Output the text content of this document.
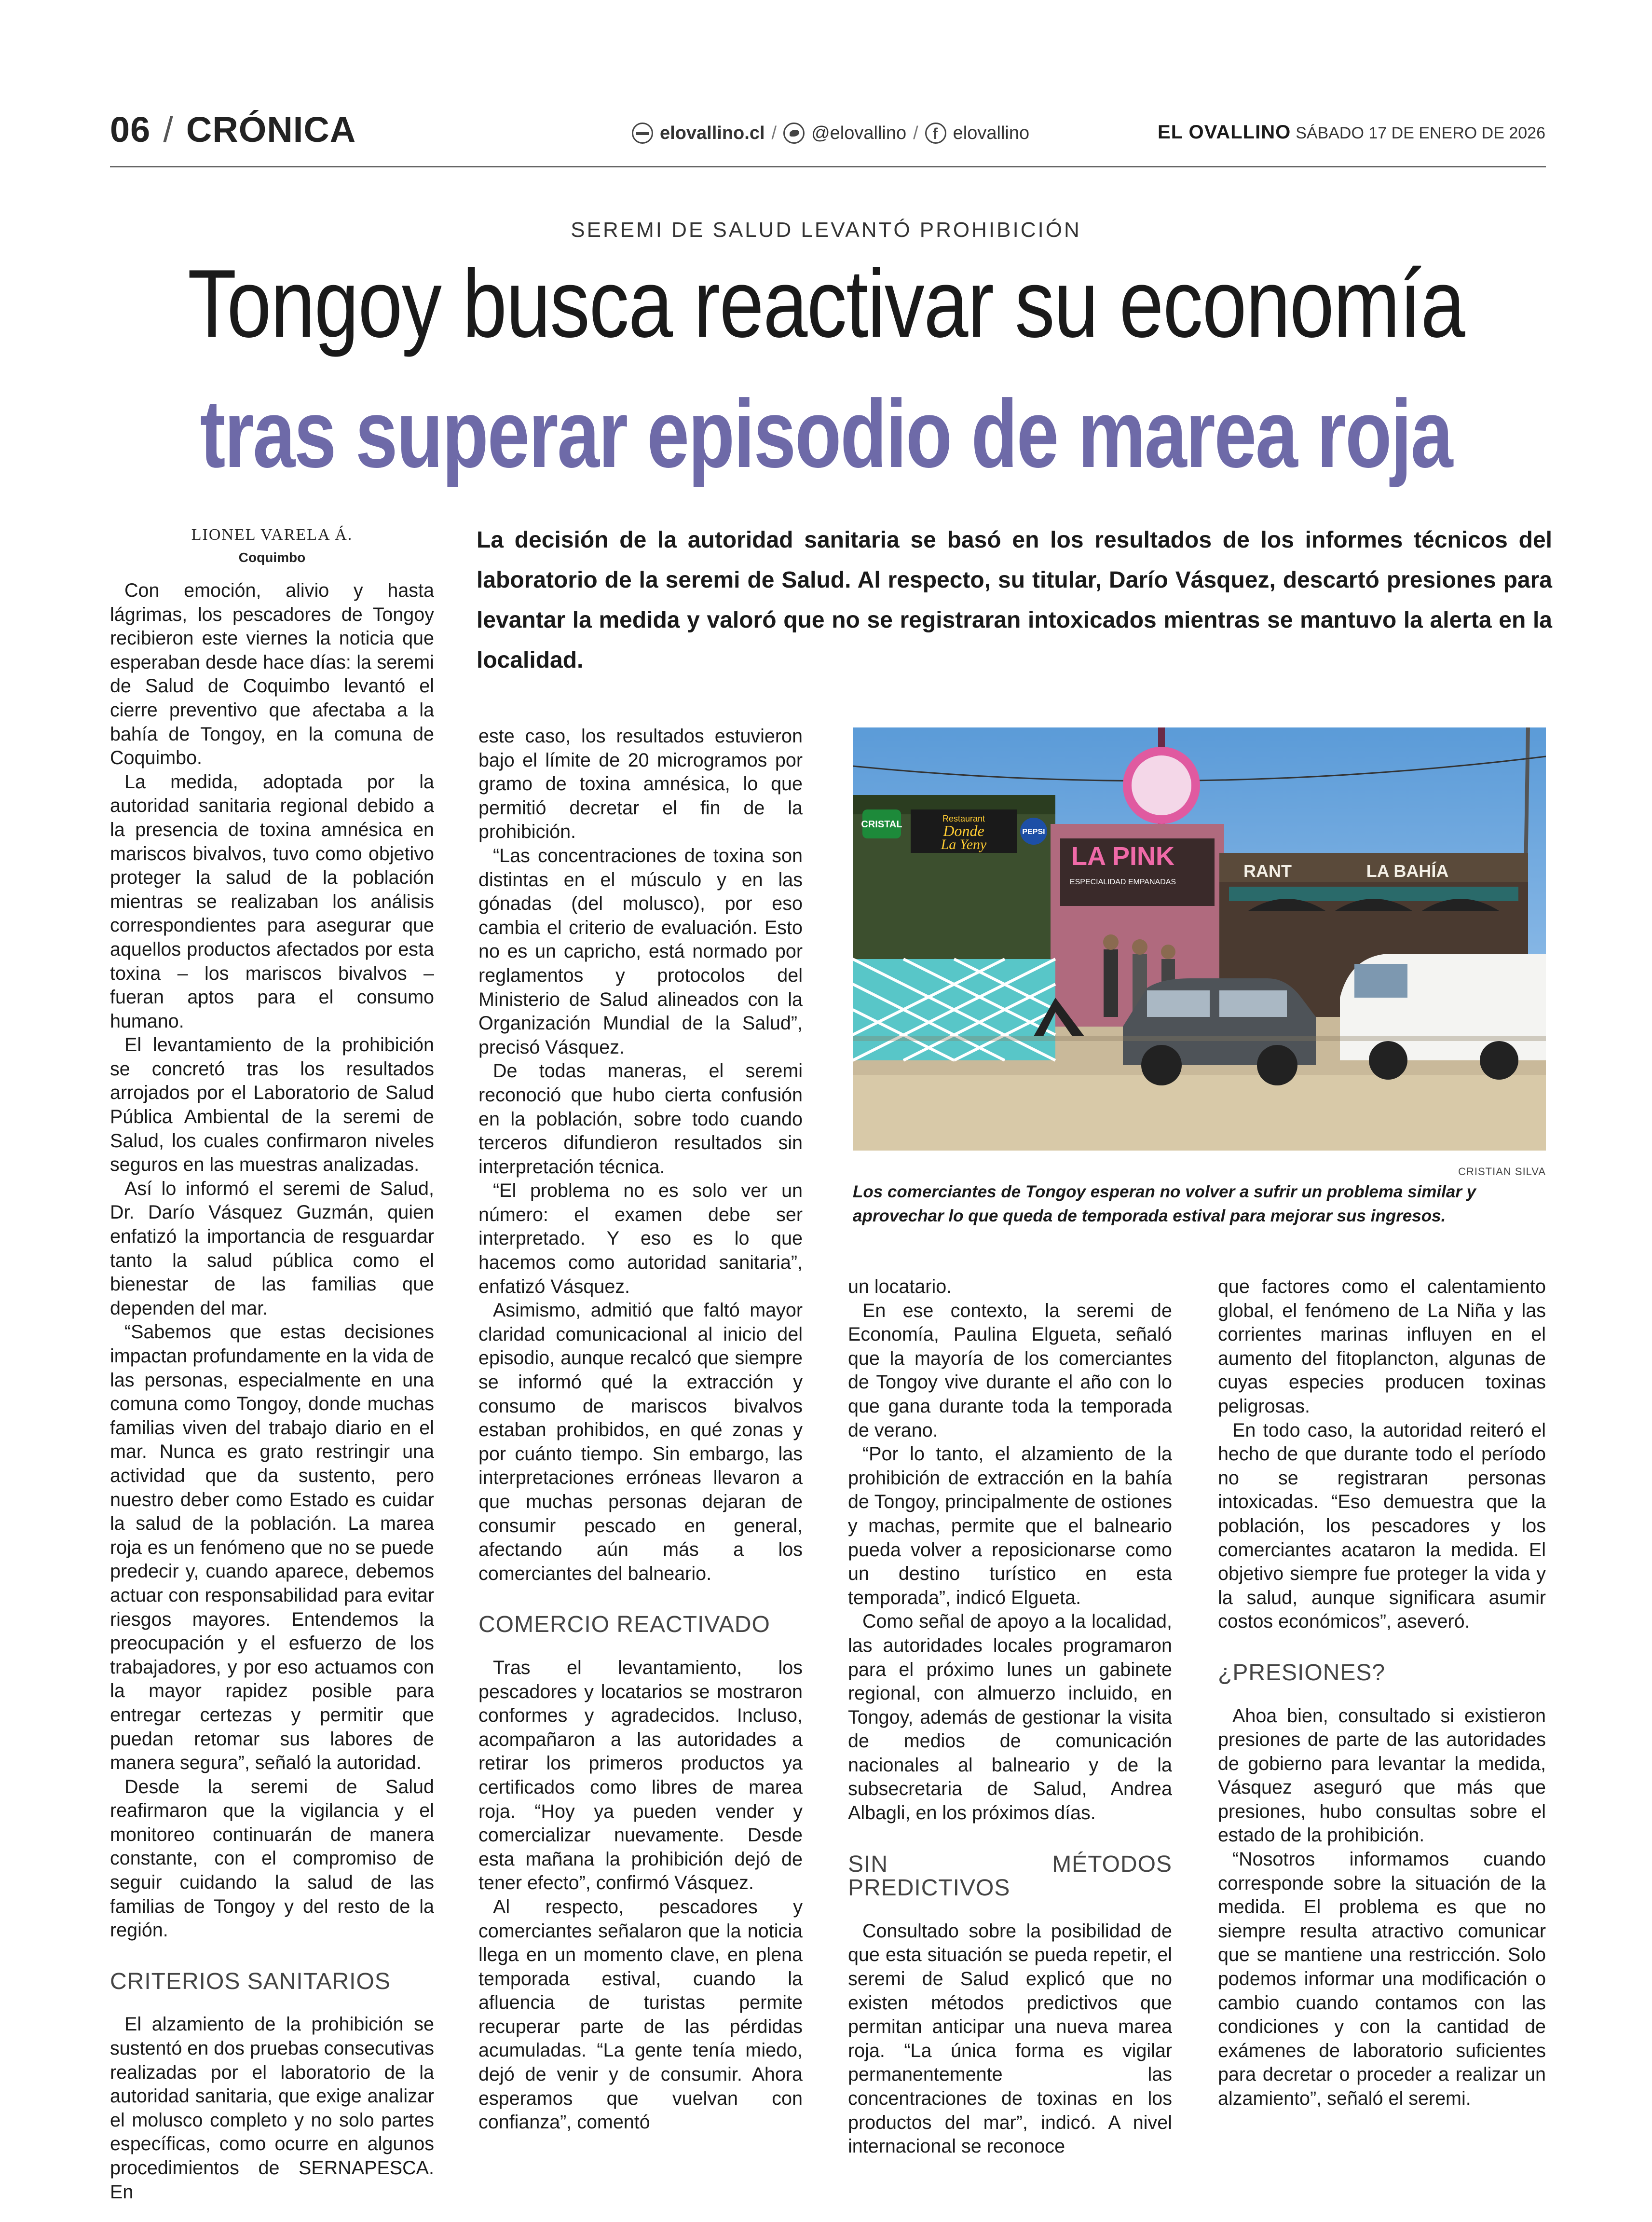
06 / CRÓNICA	elovallino.cl / @elovallino /
f elovallino	EL OVALLINO SÁBADO 17 DE ENERO DE 2026
SEREMI DE SALUD LEVANTÓ PROHIBICIÓN
Tongoy busca reactivar su economía
tras superar episodio de marea roja
LIONEL VARELA Á.
Coquimbo
La decisión de la autoridad sanitaria se basó en los resultados de los informes técnicos del laboratorio de la seremi de Salud. Al respecto, su titular, Darío Vásquez, descartó presiones para levantar la medida y valoró que no se registraran intoxicados mientras se mantuvo la alerta en la localidad.

Con emoción, alivio y hasta lágrimas, los pescadores de Tongoy recibieron este viernes la noticia que esperaban desde hace días: la seremi de Salud de Coquimbo levantó el cierre preventivo que afectaba a la bahía de Tongoy, en la comuna de Coquimbo.

La medida, adoptada por la autoridad sanitaria regional debido a la presencia de toxina amnésica en mariscos bivalvos, tuvo como objetivo proteger la salud de la población mientras se realizaban los análisis correspondientes para asegurar que aquellos productos afectados por esta toxina – los mariscos bivalvos – fueran aptos para el consumo humano.

El levantamiento de la prohibición se concretó tras los resultados arrojados por el Laboratorio de Salud Pública Ambiental de la seremi de Salud, los cuales confirmaron niveles seguros en las muestras analizadas.

Así lo informó el seremi de Salud, Dr. Darío Vásquez Guzmán, quien enfatizó la importancia de resguardar tanto la salud pública como el bienestar de las familias que dependen del mar.

“Sabemos que estas decisiones impactan profundamente en la vida de las personas, especialmente en una comuna como Tongoy, donde muchas familias viven del trabajo diario en el mar. Nunca es grato restringir una actividad que da sustento, pero nuestro deber como Estado es cuidar la salud de la población. La marea roja es un fenómeno que no se puede predecir y, cuando aparece, debemos actuar con responsabilidad para evitar riesgos mayores. Entendemos la preocupación y el esfuerzo de los trabajadores, y por eso actuamos con la mayor rapidez posible para entregar certezas y permitir que puedan retomar sus labores de manera segura”, señaló la autoridad.

Desde la seremi de Salud reafirmaron que la vigilancia y el monitoreo continuarán de manera constante, con el compromiso de seguir cuidando la salud de las familias de Tongoy y del resto de la región.

CRITERIOS SANITARIOS

El alzamiento de la prohibición se sustentó en dos pruebas consecutivas realizadas por el laboratorio de la autoridad sanitaria, que exige analizar el molusco completo y no solo partes específicas, como ocurre en algunos procedimientos de SERNAPESCA. En

este caso, los resultados estuvieron bajo el límite de 20 microgramos por gramo de toxina amnésica, lo que permitió decretar el fin de la prohibición.

“Las concentraciones de toxina son distintas en el músculo y en las gónadas (del molusco), por eso cambia el criterio de evaluación. Esto no es un capricho, está normado por reglamentos y protocolos del Ministerio de Salud alineados con la Organización Mundial de la Salud”, precisó Vásquez.

De todas maneras, el seremi reconoció que hubo cierta confusión en la población, sobre todo cuando terceros difundieron resultados sin interpretación técnica.

“El problema no es solo ver un número: el examen debe ser interpretado. Y eso es lo que hacemos como autoridad sanitaria”, enfatizó Vásquez.

Asimismo, admitió que faltó mayor claridad comunicacional al inicio del episodio, aunque recalcó que siempre se informó qué la extracción y consumo de mariscos bivalvos estaban prohibidos, en qué zonas y por cuánto tiempo. Sin embargo, las interpretaciones erróneas llevaron a que muchas personas dejaran de consumir pescado en general, afectando aún más a los comerciantes del balneario.

COMERCIO REACTIVADO

Tras el levantamiento, los pescadores y locatarios se mostraron conformes y agradecidos. Incluso, acompañaron a las autoridades a retirar los primeros productos ya certificados como libres de marea roja. “Hoy ya pueden vender y comercializar nuevamente. Desde esta mañana la prohibición dejó de tener efecto”, confirmó Vásquez.

Al respecto, pescadores y comerciantes señalaron que la noticia llega en un momento clave, en plena temporada estival, cuando la afluencia de turistas permite recuperar parte de las pérdidas acumuladas. “La gente tenía miedo, dejó de venir y de consumir. Ahora esperamos que vuelvan con confianza”, comentó

CRISTAL
Restaurant
Donde
La Yeny
PEPSI
LA PINK
ESPECIALIDAD EMPANADAS
RANT	LA BAHÍA
CRISTIAN SILVA
Los comerciantes de Tongoy esperan no volver a sufrir un problema similar y aprovechar lo que queda de temporada estival para mejorar sus ingresos.

un locatario.

En ese contexto, la seremi de Economía, Paulina Elgueta, señaló que la mayoría de los comerciantes de Tongoy vive durante el año con lo que gana durante toda la temporada de verano.

“Por lo tanto, el alzamiento de la prohibición de extracción en la bahía de Tongoy, principalmente de ostiones y machas, permite que el balneario pueda volver a reposicionarse como un destino turístico en esta temporada”, indicó Elgueta.

Como señal de apoyo a la localidad, las autoridades locales programaron para el próximo lunes un gabinete regional, con almuerzo incluido, en Tongoy, además de gestionar la visita de medios de comunicación nacionales al balneario y de la subsecretaria de Salud, Andrea Albagli, en los próximos días.

SIN MÉTODOS PREDICTIVOS

Consultado sobre la posibilidad de que esta situación se pueda repetir, el seremi de Salud explicó que no existen métodos predictivos que permitan anticipar una nueva marea roja. “La única forma es vigilar permanentemente las concentraciones de toxinas en los productos del mar”, indicó. A nivel internacional se reconoce

que factores como el calentamiento global, el fenómeno de La Niña y las corrientes marinas influyen en el aumento del fitoplancton, algunas de cuyas especies producen toxinas peligrosas.

En todo caso, la autoridad reiteró el hecho de que durante todo el período no se registraran personas intoxicadas. “Eso demuestra que la población, los pescadores y los comerciantes acataron la medida. El objetivo siempre fue proteger la vida y la salud, aunque significara asumir costos económicos”, aseveró.

¿PRESIONES?

Ahoa bien, consultado si existieron presiones de parte de las autoridades de gobierno para levantar la medida, Vásquez aseguró que más que presiones, hubo consultas sobre el estado de la prohibición.

“Nosotros informamos cuando corresponde sobre la situación de la medida. El problema es que no siempre resulta atractivo comunicar que se mantiene una restricción. Solo podemos informar una modificación o cambio cuando contamos con las condiciones y con la cantidad de exámenes de laboratorio suficientes para decretar o proceder a realizar un alzamiento”, señaló el seremi.
